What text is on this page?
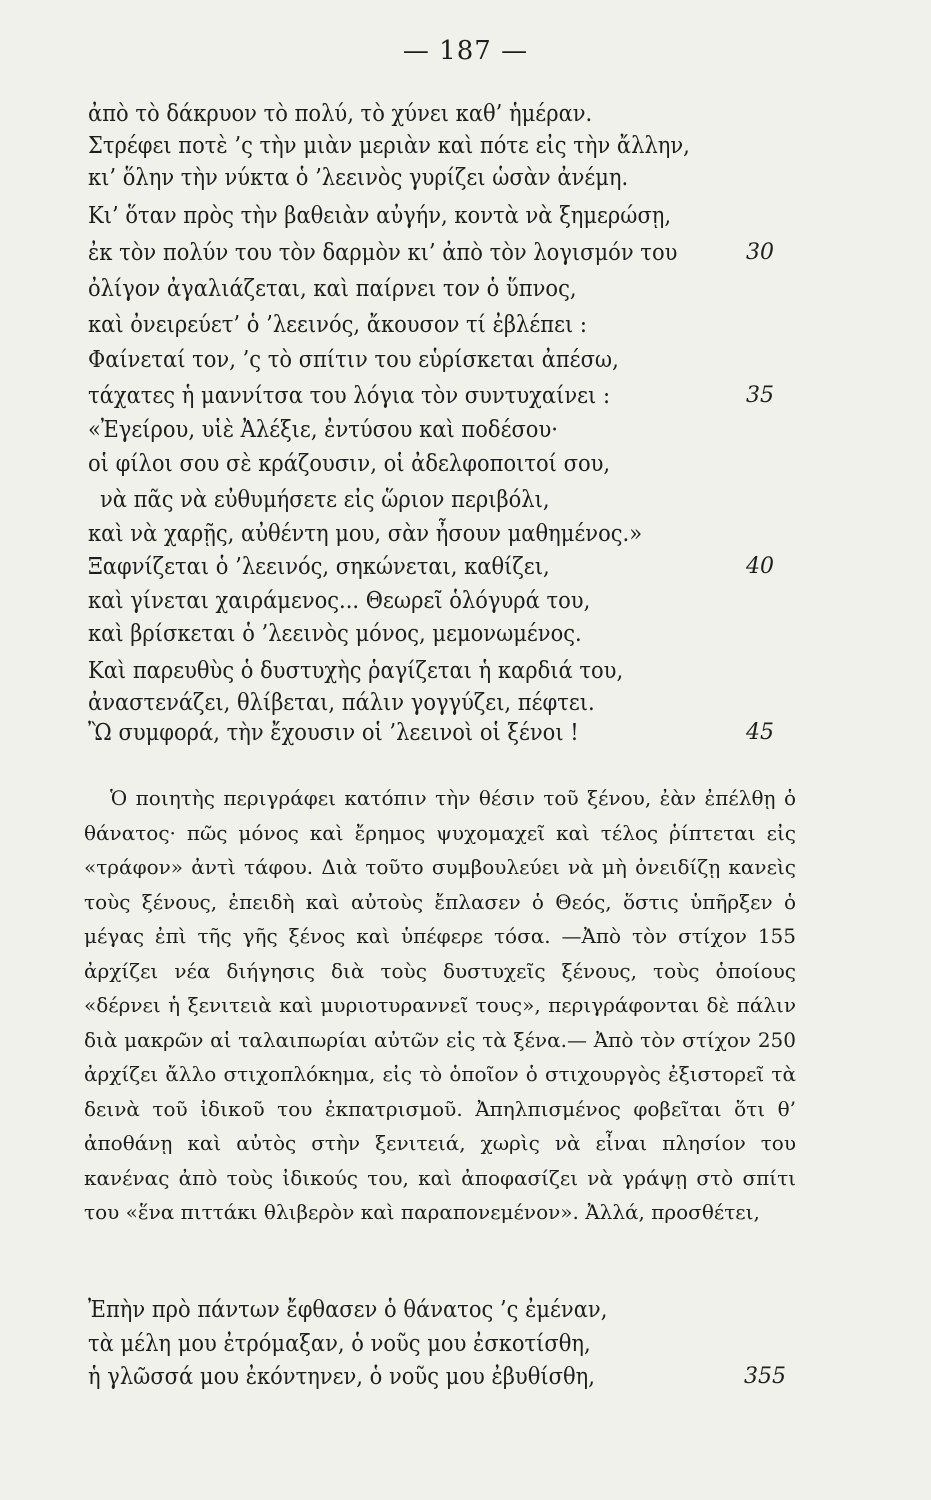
— 187 —
ἀπὸ τὸ δάκρυον τὸ πολύ, τὸ χύνει καθ’ ἡμέραν.
Στρέφει ποτὲ ’ς τὴν μιὰν μεριὰν καὶ πότε εἰς τὴν ἄλλην,
κι’ ὅλην τὴν νύκτα ὁ ’λεεινὸς γυρίζει ὡσὰν ἀνέμη.
Κι’ ὅταν πρὸς τὴν βαθειὰν αὐγήν, κοντὰ νὰ ξημερώσῃ,
ἐκ τὸν πολύν του τὸν δαρμὸν κι’ ἀπὸ τὸν λογισμόν του
ὀλίγον ἀγαλιάζεται, καὶ παίρνει τον ὁ ὕπνος,
καὶ ὀνειρεύετ’ ὁ ’λεεινός, ἄκουσον τί ἐβλέπει :
Φαίνεταί τον, ’ς τὸ σπίτιν του εὑρίσκεται ἀπέσω,
τάχατες ἡ μαννίτσα του λόγια τὸν συντυχαίνει :
«Ἐγείρου, υἱὲ Ἀλέξιε, ἐντύσου καὶ ποδέσου·
οἱ φίλοι σου σὲ κράζουσιν, οἱ ἀδελφοποιτοί σου,
νὰ πᾶς νὰ εὐθυμήσετε εἰς ὥριον περιβόλι,
καὶ νὰ χαρῇς, αὐθέντη μου, σὰν ἦσουν μαθημένος.»
Ξαφνίζεται ὁ ’λεεινός, σηκώνεται, καθίζει,
καὶ γίνεται χαιράμενος... Θεωρεῖ ὁλόγυρά του,
καὶ βρίσκεται ὁ ’λεεινὸς μόνος, μεμονωμένος.
Καὶ παρευθὺς ὁ δυστυχὴς ῥαγίζεται ἡ καρδιά του,
ἀναστενάζει, θλίβεται, πάλιν γογγύζει, πέφτει.
Ὢ συμφορά, τὴν ἔχουσιν οἱ ’λεεινοὶ οἱ ξένοι !
30
35
40
45

Ὁ ποιητὴς περιγράφει κατόπιν τὴν θέσιν τοῦ ξένου, ἐὰν ἐπέλθῃ ὁ θάνατος· πῶς μόνος καὶ ἔρημος ψυχομαχεῖ καὶ τέλος ῥίπτεται εἰς «τράφον» ἀντὶ τάφου. Διὰ τοῦτο συμβουλεύει νὰ μὴ ὀνειδίζῃ κανεὶς τοὺς ξένους, ἐπειδὴ καὶ αὐτοὺς ἔπλασεν ὁ Θεός, ὅστις ὑπῆρξεν ὁ μέγας ἐπὶ τῆς γῆς ξένος καὶ ὑπέφερε τόσα. —Ἀπὸ τὸν στίχον 155 ἀρχίζει νέα διήγησις διὰ τοὺς δυστυχεῖς ξένους, τοὺς ὁποίους «δέρνει ἡ ξενιτειὰ καὶ μυριοτυραννεῖ τους», περιγράφονται δὲ πάλιν διὰ μακρῶν αἱ ταλαιπωρίαι αὐτῶν εἰς τὰ ξένα.— Ἀπὸ τὸν στίχον 250 ἀρχίζει ἄλλο στιχοπλόκημα, εἰς τὸ ὁποῖον ὁ στιχουργὸς ἐξιστορεῖ τὰ δεινὰ τοῦ ἰδικοῦ του ἐκπατρισμοῦ. Ἀπηλπισμένος φοβεῖται ὅτι θ’ ἀποθάνῃ καὶ αὐτὸς στὴν ξενιτειά, χωρὶς νὰ εἶναι πλησίον του κανένας ἀπὸ τοὺς ἰδικούς του, καὶ ἀποφασίζει νὰ γράψῃ στὸ σπίτι του «ἕνα πιττάκι θλιβερὸν καὶ παραπονεμένον». Ἀλλά, προσθέτει,

Ἐπὴν πρὸ πάντων ἔφθασεν ὁ θάνατος ’ς ἐμέναν,
τὰ μέλη μου ἐτρόμαξαν, ὁ νοῦς μου ἐσκοτίσθη,
ἡ γλῶσσά μου ἐκόντηνεν, ὁ νοῦς μου ἐβυθίσθη,	355
